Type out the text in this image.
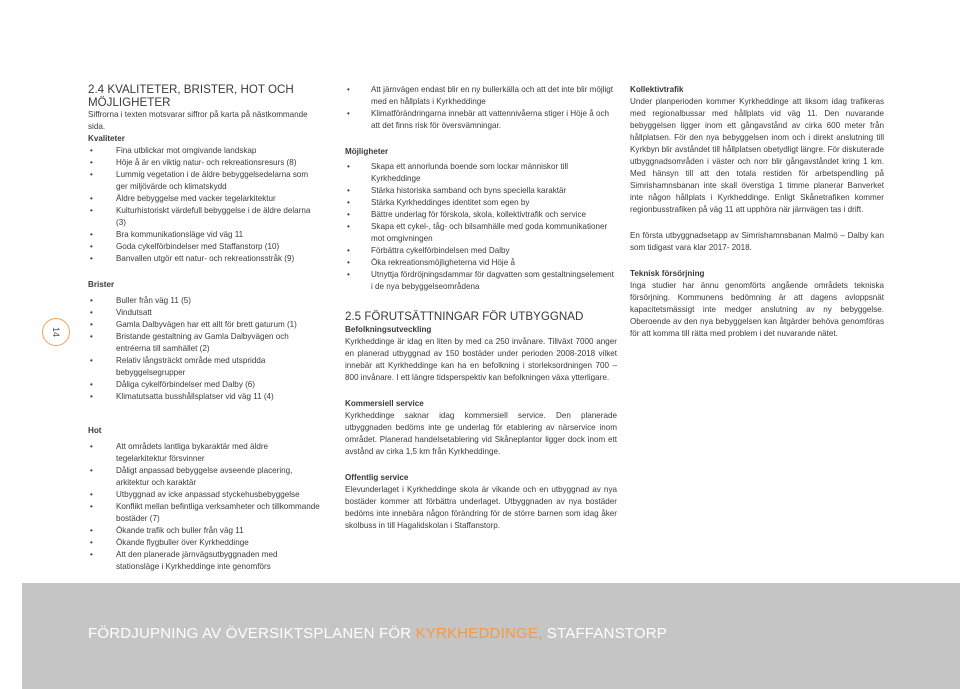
14

2.4 KVALITETER, BRISTER, HOT OCH MÖJLIGHETER

Siffrorna i texten motsvarar siffror på karta på nästkommande sida.
Kvaliteter
• Fina utblickar mot omgivande landskap
• Höje å är en viktig natur- och rekreationsresurs (8)
• Lummig vegetation i de äldre bebyggelsedelarna som ger miljövärde och klimatskydd
• Äldre bebyggelse med vacker tegelarkitektur
• Kulturhistoriskt värdefull bebyggelse i de äldre delarna (3)
• Bra kommunikationsläge vid väg 11
• Goda cykelförbindelser med Staffanstorp (10)
• Banvallen utgör ett natur- och rekreationsstråk (9)
Brister
• Buller från väg 11 (5)
• Vindutsatt
• Gamla Dalbyvägen har ett allt för brett gaturum (1)
• Bristande gestaltning av Gamla Dalbyvägen och entréerna till samhället (2)
• Relativ långsträckt område med utspridda bebyggelsegrupper
• Dåliga cykelförbindelser med Dalby (6)
• Klimatutsatta busshållsplatser vid väg 11 (4)
Hot
• Att områdets lantliga bykaraktär med äldre tegelarkitektur försvinner
• Dåligt anpassad bebyggelse avseende placering, arkitektur och karaktär
• Utbyggnad av icke anpassad styckehusbebyggelse
• Konflikt mellan befintliga verksamheter och tillkommande bostäder (7)
• Ökande trafik och buller från väg 11
• Ökande flygbuller över Kyrkheddinge
• Att den planerade järnvägsutbyggnaden med stationsläge i Kyrkheddinge inte genomförs
• Att järnvägen endast blir en ny bullerkälla och att det inte blir möjligt med en hållplats i Kyrkheddinge
• Klimatförändringarna innebär att vattennivåerna stiger i Höje å och att det finns risk för översvämningar.
Möjligheter
• Skapa ett annorlunda boende som lockar människor till Kyrkheddinge
• Stärka historiska samband och byns speciella karaktär
• Stärka Kyrkheddinges identitet som egen by
• Bättre underlag för förskola, skola, kollektivtrafik och service
• Skapa ett cykel-, tåg- och bilsamhälle med goda kommunikationer mot omgivningen
• Förbättra cykelförbindelsen med Dalby
• Öka rekreationsmöjligheterna vid Höje å
• Utnyttja fördröjningsdammar för dagvatten som gestaltningselement i de nya bebyggelseområdena

2.5 FÖRUTSÄTTNINGAR FÖR UTBYGGNAD

Befolkningsutveckling
Kyrkheddinge är idag en liten by med ca 250 invånare. Tillväxt 7000 anger en planerad utbyggnad av 150 bostäder under perioden 2008-2018 vilket innebär att Kyrkheddinge kan ha en befolkning i storleksordningen 700 – 800 invånare. I ett längre tidsperspektiv kan befolkningen växa ytterligare.
Kommersiell service
Kyrkheddinge saknar idag kommersiell service. Den planerade utbyggnaden bedöms inte ge underlag för etablering av närservice inom området. Planerad handelsetablering vid Skåneplantor ligger dock inom ett avstånd av cirka 1,5 km från Kyrkheddinge.
Offentlig service
Elevunderlaget i Kyrkheddinge skola är vikande och en utbyggnad av nya bostäder kommer att förbättra underlaget. Utbyggnaden av nya bostäder bedöms inte innebära någon förändring för de större barnen som idag åker skolbuss in till Hagalidskolan i Staffanstorp.
Kollektivtrafik
Under planperioden kommer Kyrkheddinge att liksom idag trafikeras med regionalbussar med hållplats vid väg 11. Den nuvarande bebyggelsen ligger inom ett gångavstånd av cirka 600 meter från hållplatsen. För den nya bebyggelsen inom och i direkt anslutning till Kyrkbyn blir avståndet till hållplatsen obetydligt längre. För diskuterade utbyggnadsområden i väster och norr blir gångavståndet kring 1 km. Med hänsyn till att den totala restiden för arbetspendling på Simrishamnsbanan inte skall överstiga 1 timme planerar Banverket inte någon hållplats i Kyrkheddinge. Enligt Skånetrafiken kommer regionbusstrafiken på väg 11 att upphöra när järnvägen tas i drift.
En första utbyggnadsetapp av Simrishamnsbanan Malmö – Dalby kan som tidigast vara klar 2017- 2018.
Teknisk försörjning
Inga studier har ännu genomförts angående områdets tekniska försörjning. Kommunens bedömning är att dagens avloppsnät kapacitetsmässigt inte medger anslutning av ny bebyggelse. Oberoende av den nya bebyggelsen kan åtgärder behöva genomföras för att komma till rätta med problem i det nuvarande nätet.
FÖRDJUPNING AV ÖVERSIKTSPLANEN FÖR KYRKHEDDINGE, STAFFANSTORP
